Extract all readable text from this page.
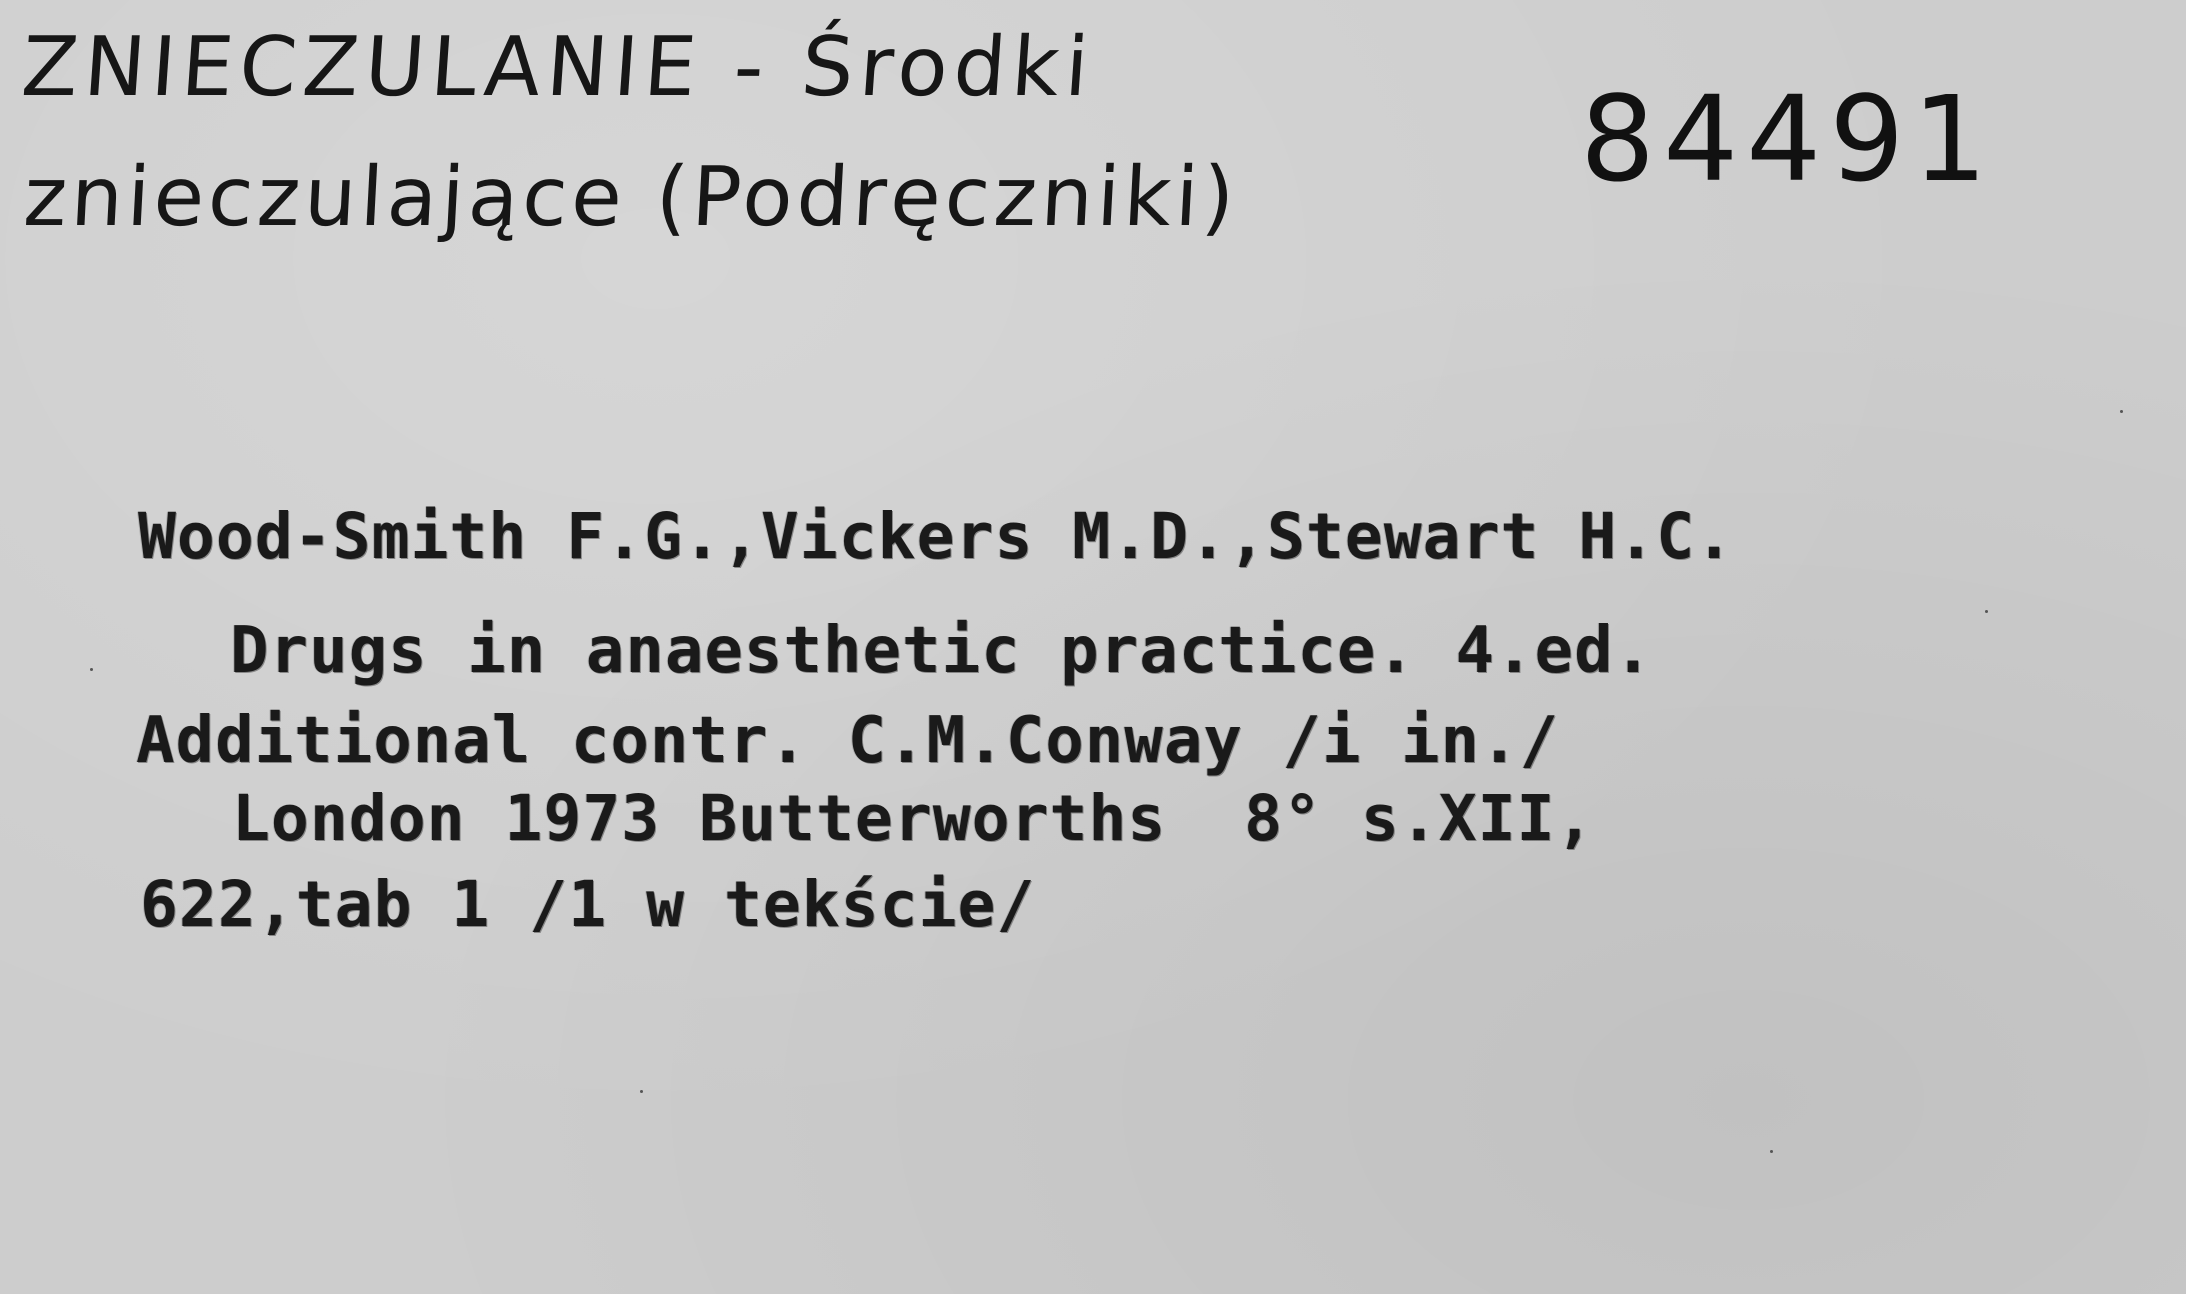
ZNIECZULANIE - Środki
znieczulające (Podręczniki)	84491
Wood-Smith F.G.,Vickers M.D.,Stewart H.C.
Drugs in anaesthetic practice. 4.ed.
Additional contr. C.M.Conway /i in./
London 1973 Butterworths  8° s.XII,
622,tab 1 /1 w tekście/
